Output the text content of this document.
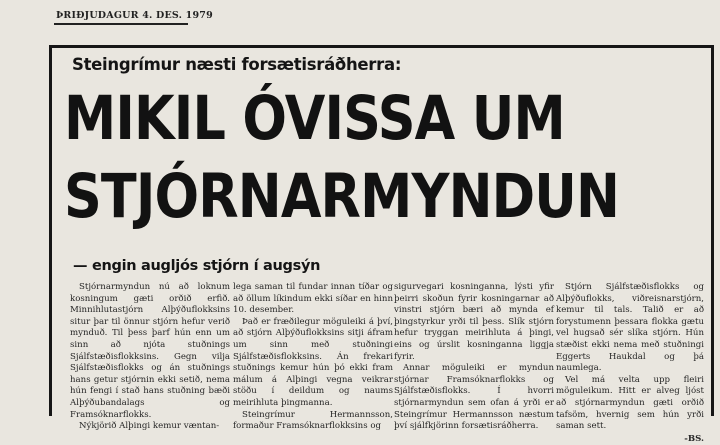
ÞRIÐJUDAGUR 4. DES. 1979
Steingrímur næsti forsætisráðherra:
MIKIL ÓVISSA UM
STJÓRNARMYNDUN
— engin augljós stjórn í augsýn

Stjórnarmyndun nú að loknum kosningum gæti orðið erfið. Minnihlutastjórn Alþýðuflokksins situr þar til önnur stjórn hefur verið mynduð. Til þess þarf hún enn um sinn að njóta stuðnings Sjálfstæðisflokksins. Gegn vilja Sjálfstæðisflokks og án stuðnings hans getur stjórnin ekki setið, nema hún fengi í stað hans stuðning bæði Alþýðubandalags og Framsóknarflokks.

Nýkjörið Alþingi kemur væntan-

lega saman til fundar innan tíðar og að öllum líkindum ekki síðar en hinn 10. desember.

Það er fræðilegur möguleiki á því, að stjórn Alþýðuflokksins sitji áfram um sinn með stuðningi Sjálfstæðisflokksins. Án frekari stuðnings kemur hún þó ekki fram málum á Alþingi vegna veikrar stöðu í deildum og naums meirihluta þingmanna.

Steingrímur Hermannsson, formaður Framsóknarflokksins og

sigurvegari kosninganna, lýsti yfir þeirri skoðun fyrir kosningarnar að vinstri stjórn bæri að mynda ef þingstyrkur yrði til þess. Slík stjórn hefur tryggan meirihluta á þingi, eins og úrslit kosninganna liggja fyrir.

Annar möguleiki er myndun stjórnar Framsóknarflokks og Sjálfstæðisflokks. Í hvorri stjórnarmyndun sem ofan á yrði er Steingrímur Hermannsson næstum því sjálfkjörinn forsætisráðherra.

Stjórn Sjálfstæðisflokks og Alþýðuflokks, viðreisnarstjórn, kemur til tals. Talið er að forystumenn þessara flokka gætu vel hugsað sér slíka stjórn. Hún stæðist ekki nema með stuðningi Eggerts Haukdal og þá naumlega.

Vel má velta upp fleiri möguleikum. Hitt er alveg ljóst að stjórnarmyndun gæti orðið tafsöm, hvernig sem hún yrði saman sett.

-BS.
